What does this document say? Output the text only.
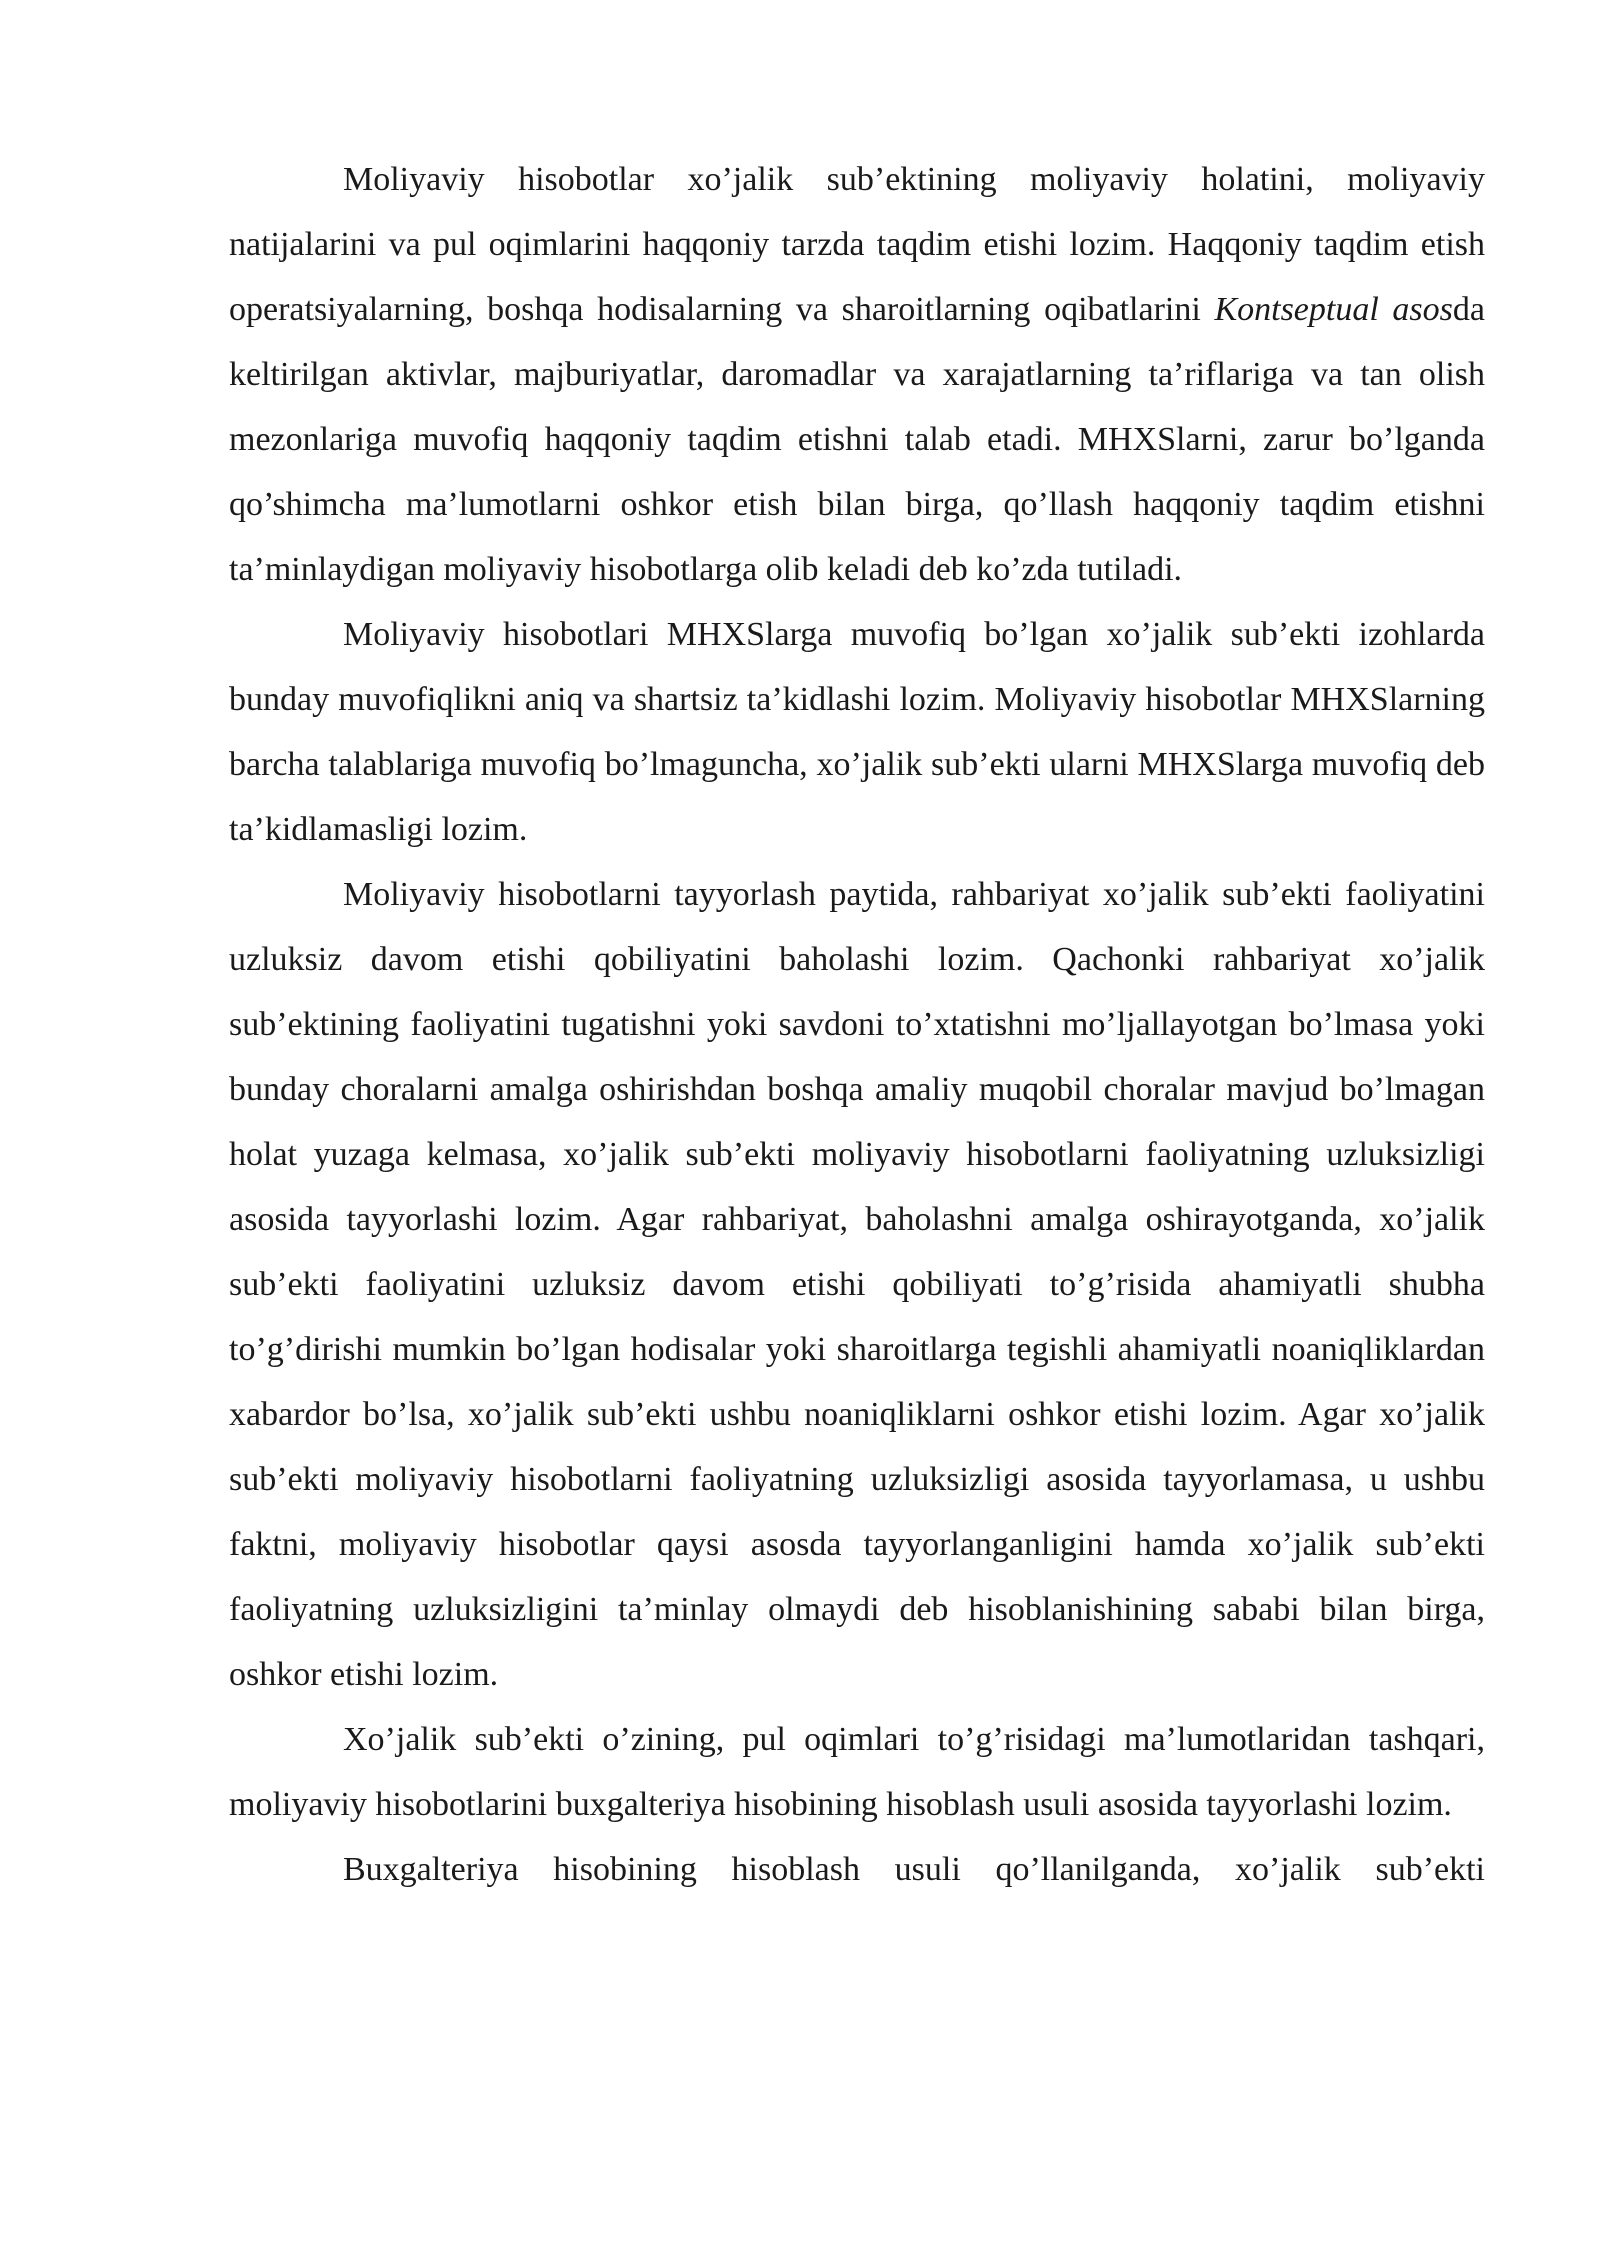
Moliyaviy hisobotlar xo’jalik sub’ektining moliyaviy holatini, moliyaviy natijalarini va pul oqimlarini haqqoniy tarzda taqdim etishi lozim. Haqqoniy taqdim etish operatsiyalarning, boshqa hodisalarning va sharoitlarning oqibatlarini Kontseptual asosda keltirilgan aktivlar, majburiyatlar, daromadlar va xarajatlarning ta’riflariga va tan olish mezonlariga muvofiq haqqoniy taqdim etishni talab etadi. MHXSlarni, zarur bo’lganda qo’shimcha ma’lumotlarni oshkor etish bilan birga, qo’llash haqqoniy taqdim etishni ta’minlaydigan moliyaviy hisobotlarga olib keladi deb ko’zda tutiladi.

Moliyaviy hisobotlari MHXSlarga muvofiq bo’lgan xo’jalik sub’ekti izohlarda bunday muvofiqlikni aniq va shartsiz ta’kidlashi lozim. Moliyaviy hisobotlar MHXSlarning barcha talablariga muvofiq bo’lmaguncha, xo’jalik sub’ekti ularni MHXSlarga muvofiq deb ta’kidlamasligi lozim.

Moliyaviy hisobotlarni tayyorlash paytida, rahbariyat xo’jalik sub’ekti faoliyatini uzluksiz davom etishi qobiliyatini baholashi lozim. Qachonki rahbariyat xo’jalik sub’ektining faoliyatini tugatishni yoki savdoni to’xtatishni mo’ljallayotgan bo’lmasa yoki bunday choralarni amalga oshirishdan boshqa amaliy muqobil choralar mavjud bo’lmagan holat yuzaga kelmasa, xo’jalik sub’ekti moliyaviy hisobotlarni faoliyatning uzluksizligi asosida tayyorlashi lozim. Agar rahbariyat, baholashni amalga oshirayotganda, xo’jalik sub’ekti faoliyatini uzluksiz davom etishi qobiliyati to’g’risida ahamiyatli shubha to’g’dirishi mumkin bo’lgan hodisalar yoki sharoitlarga tegishli ahamiyatli noaniqliklardan xabardor bo’lsa, xo’jalik sub’ekti ushbu noaniqliklarni oshkor etishi lozim. Agar xo’jalik sub’ekti moliyaviy hisobotlarni faoliyatning uzluksizligi asosida tayyorlamasa, u ushbu faktni, moliyaviy hisobotlar qaysi asosda tayyorlanganligini hamda xo’jalik sub’ekti faoliyatning uzluksizligini ta’minlay olmaydi deb hisoblanishining sababi bilan birga, oshkor etishi lozim.

Xo’jalik sub’ekti o’zining, pul oqimlari to’g’risidagi ma’lumotlaridan tashqari, moliyaviy hisobotlarini buxgalteriya hisobining hisoblash usuli asosida tayyorlashi lozim.

Buxgalteriya hisobining hisoblash usuli qo’llanilganda, xo’jalik sub’ekti
